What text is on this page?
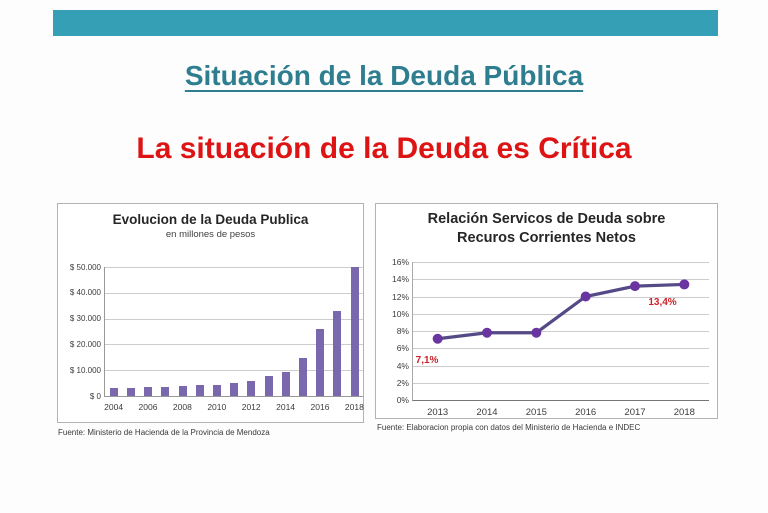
Situación de la Deuda Pública
La situación de la Deuda es Crítica
Evolucion de la Deuda Publica
en millones de pesos
$ 50.000
$ 40.000
$ 30.000
$ 20.000
$ 10.000
$ 0
2004	2006	2008	2010	2012	2014	2016	2018
Fuente: Ministerio de Hacienda de la Provincia de Mendoza
Relación Servicos de Deuda sobre
Recuros Corrientes Netos
16%
14%
12%
10%
8%
6%
4%
2%
0%
2013	2014	2015	2016	2017	2018
7,1%
13,4%
Fuente: Elaboracion propia con datos del Ministerio de Hacienda e INDEC
